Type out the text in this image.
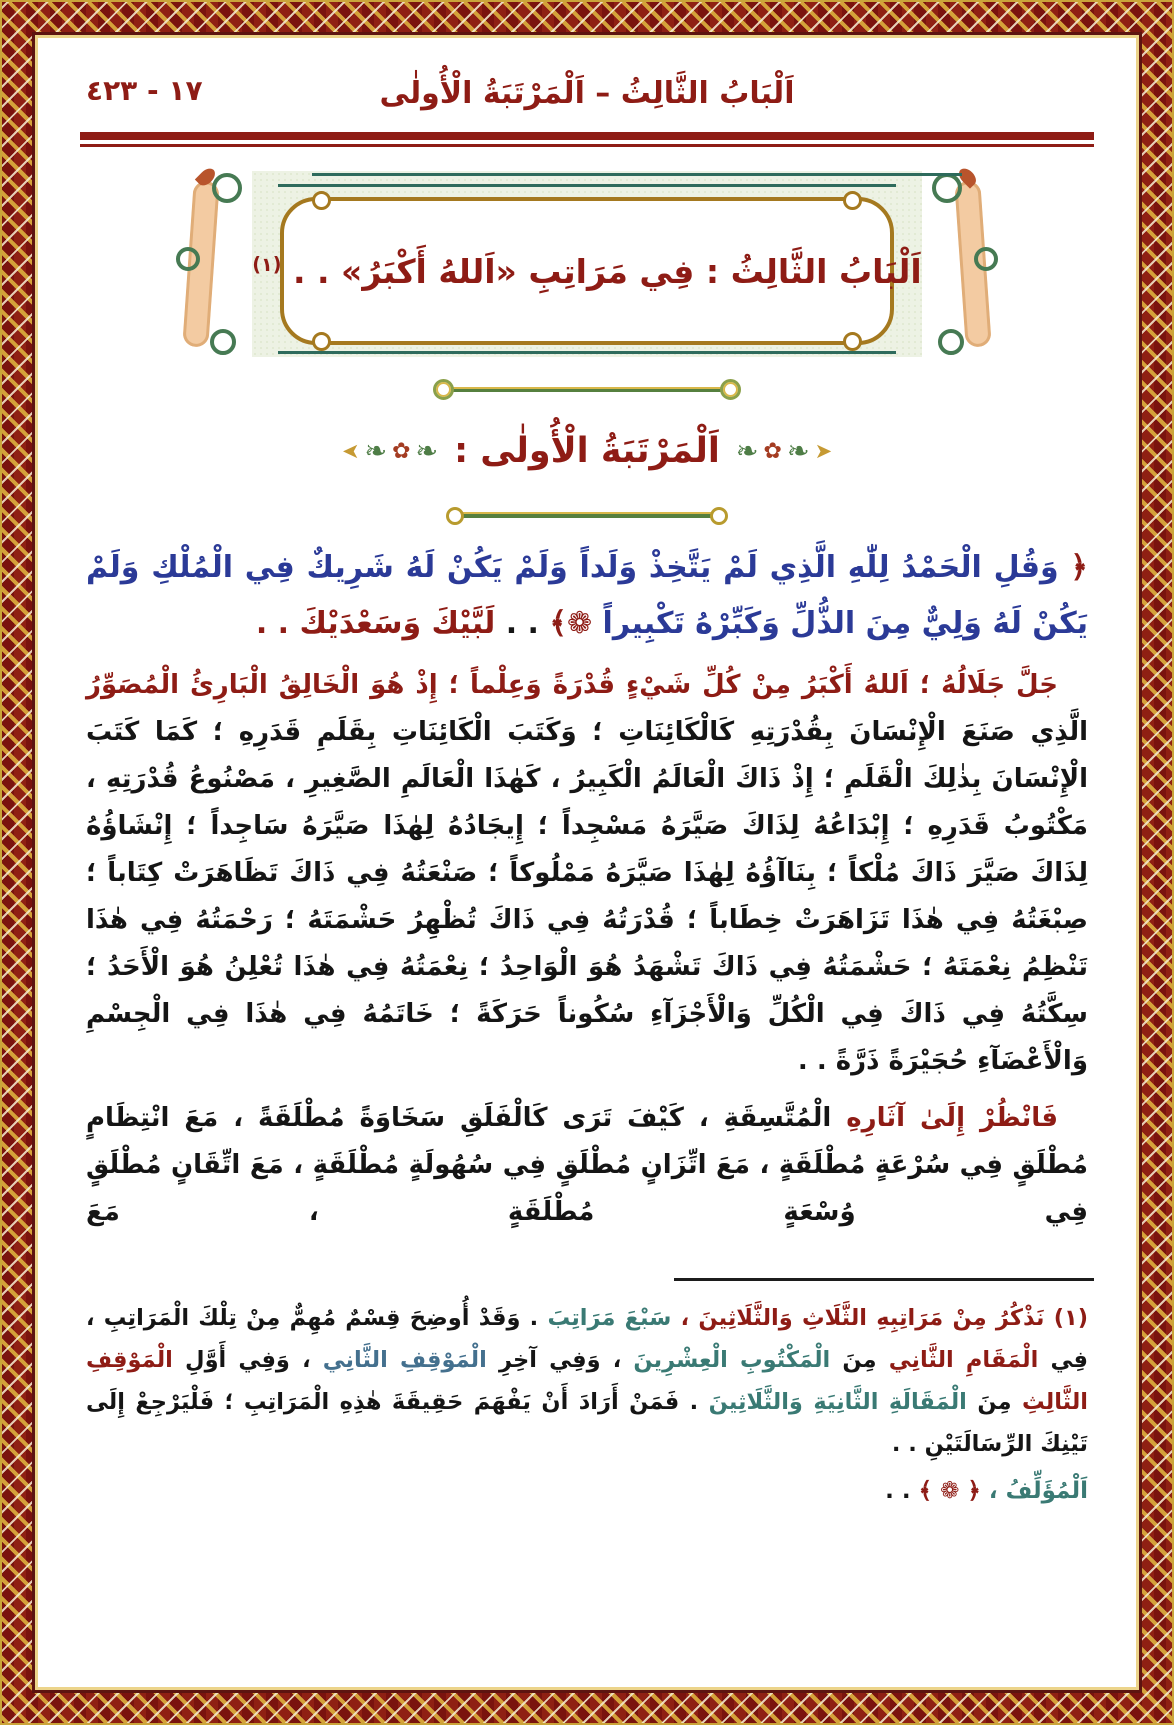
١٧ - ٤٢٣	اَلْبَابُ الثَّالِثُ – اَلْمَرْتَبَةُ الْأُولٰى
اَلْبَابُ الثَّالِثُ : فِي مَرَاتِبِ «اَللهُ أَكْبَرُ» . . $^{(١)}$
❧ ✿ ❧ ➤
اَلْمَرْتَبَةُ الْأُولٰى :
➤ ❧ ✿ ❧

﴿ وَقُلِ الْحَمْدُ لِلّٰهِ الَّذِي لَمْ يَتَّخِذْ وَلَداً وَلَمْ يَكُنْ لَهُ شَرِيكٌ فِي الْمُلْكِ وَلَمْ يَكُنْ لَهُ وَلِيٌّ مِنَ الذُّلِّ وَكَبِّرْهُ تَكْبِيراً ❁﴾ . . لَبَّيْكَ وَسَعْدَيْكَ . .

جَلَّ جَلَالُهُ ؛ اَللهُ أَكْبَرُ مِنْ كُلِّ شَيْءٍ قُدْرَةً وَعِلْماً ؛ إِذْ هُوَ الْخَالِقُ الْبَارِئُ الْمُصَوِّرُ الَّذِي صَنَعَ الْإِنْسَانَ بِقُدْرَتِهِ كَالْكَائِنَاتِ ؛ وَكَتَبَ الْكَائِنَاتِ بِقَلَمِ قَدَرِهِ ؛ كَمَا كَتَبَ الْإِنْسَانَ بِذٰلِكَ الْقَلَمِ ؛ إِذْ ذَاكَ الْعَالَمُ الْكَبِيرُ ، كَهٰذَا الْعَالَمِ الصَّغِيرِ ، مَصْنُوعُ قُدْرَتِهِ ، مَكْتُوبُ قَدَرِهِ ؛ إِبْدَاعُهُ لِذَاكَ صَيَّرَهُ مَسْجِداً ؛ إِيجَادُهُ لِهٰذَا صَيَّرَهُ سَاجِداً ؛ إِنْشَاؤُهُ لِذَاكَ صَيَّرَ ذَاكَ مُلْكاً ؛ بِنَاآؤُهُ لِهٰذَا صَيَّرَهُ مَمْلُوكاً ؛ صَنْعَتُهُ فِي ذَاكَ تَظَاهَرَتْ كِتَاباً ؛ صِبْغَتُهُ فِي هٰذَا تَزَاهَرَتْ خِطَاباً ؛ قُدْرَتُهُ فِي ذَاكَ تُظْهِرُ حَشْمَتَهُ ؛ رَحْمَتُهُ فِي هٰذَا تَنْظِمُ نِعْمَتَهُ ؛ حَشْمَتُهُ فِي ذَاكَ تَشْهَدُ هُوَ الْوَاحِدُ ؛ نِعْمَتُهُ فِي هٰذَا تُعْلِنُ هُوَ الْأَحَدُ ؛ سِكَّتُهُ فِي ذَاكَ فِي الْكُلِّ وَالْأَجْزَآءِ سُكُوناً حَرَكَةً ؛ خَاتَمُهُ فِي هٰذَا فِي الْجِسْمِ وَالْأَعْضَآءِ حُجَيْرَةً ذَرَّةً . .

فَانْظُرْ إِلَىٰ آثَارِهِ الْمُتَّسِقَةِ ، كَيْفَ تَرَى كَالْفَلَقِ سَخَاوَةً مُطْلَقَةً ، مَعَ انْتِظَامٍ مُطْلَقٍ فِي سُرْعَةٍ مُطْلَقَةٍ ، مَعَ اتِّزَانٍ مُطْلَقٍ فِي سُهُولَةٍ مُطْلَقَةٍ ، مَعَ اتِّقَانٍ مُطْلَقٍ فِي وُسْعَةٍ مُطْلَقَةٍ ، مَعَ

(١) نَذْكُرُ مِنْ مَرَاتِبِهِ الثَّلَاثِ وَالثَّلَاثِينَ ، سَبْعَ مَرَاتِبَ . وَقَدْ أُوضِحَ قِسْمٌ مُهِمٌّ مِنْ تِلْكَ الْمَرَاتِبِ ، فِي الْمَقَامِ الثَّانِي مِنَ الْمَكْتُوبِ الْعِشْرِينَ ، وَفِي آخِرِ الْمَوْقِفِ الثَّانِي ، وَفِي أَوَّلِ الْمَوْقِفِ الثَّالِثِ مِنَ الْمَقَالَةِ الثَّانِيَةِ وَالثَّلَاثِينَ . فَمَنْ أَرَادَ أَنْ يَفْهَمَ حَقِيقَةَ هٰذِهِ الْمَرَاتِبِ ؛ فَلْيَرْجِعْ إِلَى تَيْنِكَ الرِّسَالَتَيْنِ . .

اَلْمُؤَلِّفُ ، ﴿ ❁ ﴾ . .
